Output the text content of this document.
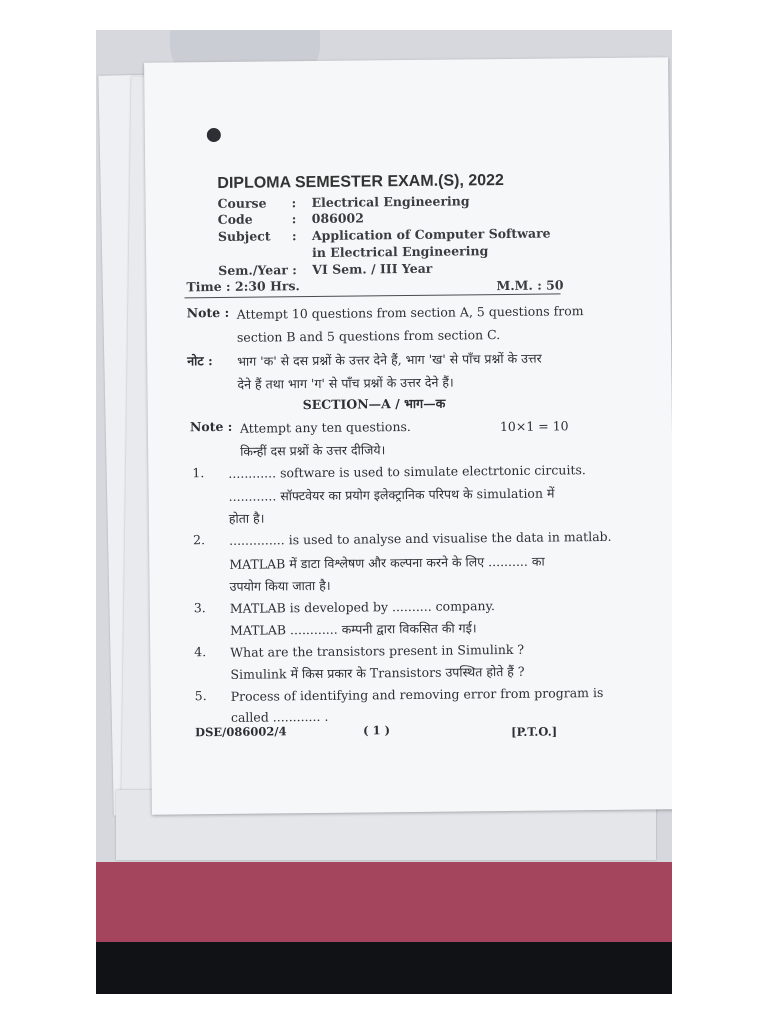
DIPLOMA SEMESTER EXAM.(S), 2022
Course : Electrical Engineering
Code	: 086002
Subject : Application of Computer Software
in Electrical Engineering
Sem./Year : VI Sem. / III Year
Time : 2:30 Hrs.	M.M. : 50
Note : Attempt 10 questions from section A, 5 questions from
section B and 5 questions from section C.
नोट : भाग 'क' से दस प्रश्नों के उत्तर देने हैं, भाग 'ख' से पाँच प्रश्नों के उत्तर
देने हैं तथा भाग 'ग' से पाँच प्रश्नों के उत्तर देने हैं।
SECTION—A / भाग—क
Note : Attempt any ten questions.	10×1 = 10
किन्हीं दस प्रश्नों के उत्तर दीजिये।
1. ............ software is used to simulate electrtonic circuits.
............ सॉफ्टवेयर का प्रयोग इलेक्ट्रानिक परिपथ के simulation में
होता है।
2. .............. is used to analyse and visualise the data in matlab.
MATLAB में डाटा विश्लेषण और कल्पना करने के लिए .......... का
उपयोग किया जाता है।
3. MATLAB is developed by .......... company.
MATLAB ............ कम्पनी द्वारा विकसित की गई।
4. What are the transistors present in Simulink ?
Simulink में किस प्रकार के Transistors उपस्थित होते हैं ?
5. Process of identifying and removing error from program is
called ............ .
DSE/086002/4	( 1 )	[P.T.O.]
